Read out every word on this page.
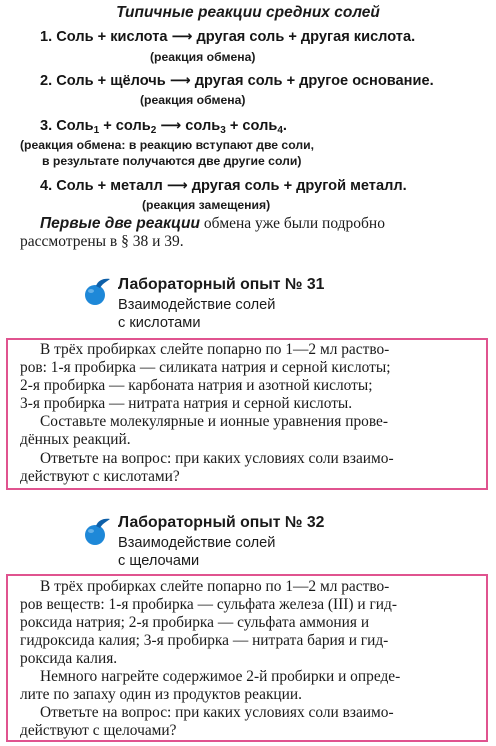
Типичные реакции средних солей
1. Соль + кислота ⟶ другая соль + другая кислота.
(реакция обмена)
2. Соль + щёлочь ⟶ другая соль + другое основание.
(реакция обмена)
3. Соль$_1$ + соль$_2$ ⟶ соль$_3$ + соль$_4$.
(реакция обмена: в реакцию вступают две соли,
в результате получаются две другие соли)
4. Соль + металл ⟶ другая соль + другой металл.
(реакция замещения)
Первые две реакции обмена уже были подробно
рассмотрены в § 38 и 39.
Лабораторный опыт № 31
Взаимодействие солей
с кислотами
В трёх пробирках слейте попарно по 1—2 мл раство-
ров: 1-я пробирка — силиката натрия и серной кислоты;
2-я пробирка — карбоната натрия и азотной кислоты;
3-я пробирка — нитрата натрия и серной кислоты.
Составьте молекулярные и ионные уравнения прове-
дённых реакций.
Ответьте на вопрос: при каких условиях соли взаимо-
действуют с кислотами?
Лабораторный опыт № 32
Взаимодействие солей
с щелочами
В трёх пробирках слейте попарно по 1—2 мл раство-
ров веществ: 1-я пробирка — сульфата железа (III) и гид-
роксида натрия; 2-я пробирка — сульфата аммония и
гидроксида калия; 3-я пробирка — нитрата бария и гид-
роксида калия.
Немного нагрейте содержимое 2-й пробирки и опреде-
лите по запаху один из продуктов реакции.
Ответьте на вопрос: при каких условиях соли взаимо-
действуют с щелочами?
